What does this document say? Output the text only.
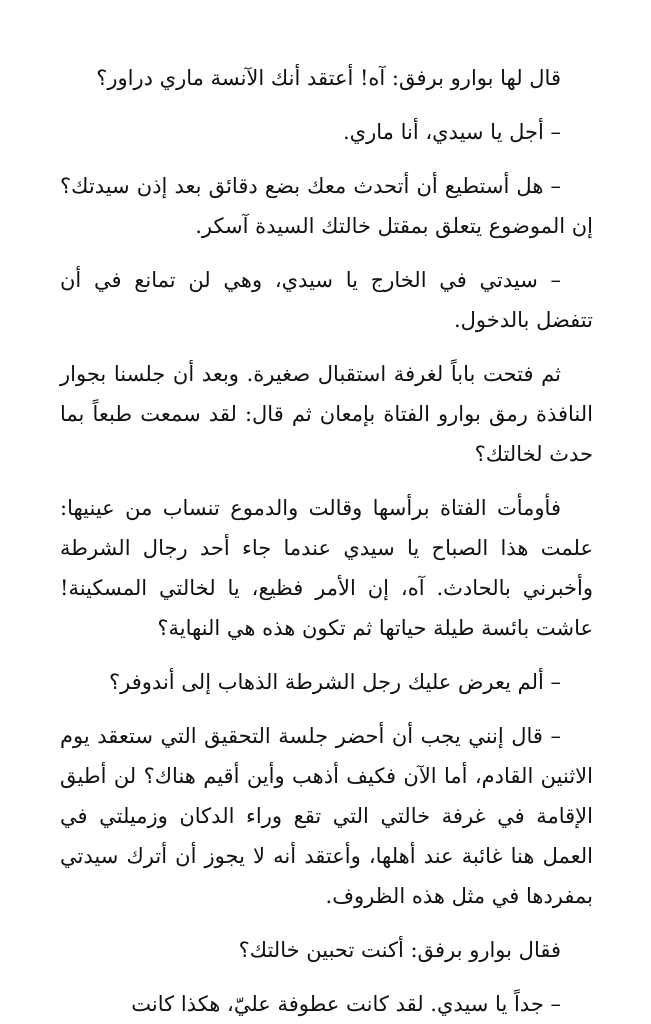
قال لها بوارو برفق: آه! أعتقد أنك الآنسة ماري دراور؟

– أجل يا سيدي، أنا ماري.

– هل أستطيع أن أتحدث معك بضع دقائق بعد إذن سيدتك؟ إن الموضوع يتعلق بمقتل خالتك السيدة آسكر.

– سيدتي في الخارج يا سيدي، وهي لن تمانع في أن تتفضل بالدخول.

ثم فتحت باباً لغرفة استقبال صغيرة. وبعد أن جلسنا بجوار النافذة رمق بوارو الفتاة بإمعان ثم قال: لقد سمعت طبعاً بما حدث لخالتك؟

فأومأت الفتاة برأسها وقالت والدموع تنساب من عينيها: علمت هذا الصباح يا سيدي عندما جاء أحد رجال الشرطة وأخبرني بالحادث. آه، إن الأمر فظيع، يا لخالتي المسكينة! عاشت بائسة طيلة حياتها ثم تكون هذه هي النهاية؟

– ألم يعرض عليك رجل الشرطة الذهاب إلى أندوفر؟

– قال إنني يجب أن أحضر جلسة التحقيق التي ستعقد يوم الاثنين القادم، أما الآن فكيف أذهب وأين أقيم هناك؟ لن أطيق الإقامة في غرفة خالتي التي تقع وراء الدكان وزميلتي في العمل هنا غائبة عند أهلها، وأعتقد أنه لا يجوز أن أترك سيدتي بمفردها في مثل هذه الظروف.

فقال بوارو برفق: أكنت تحبين خالتك؟

– جداً يا سيدي. لقد كانت عطوفة عليّ، هكذا كانت
